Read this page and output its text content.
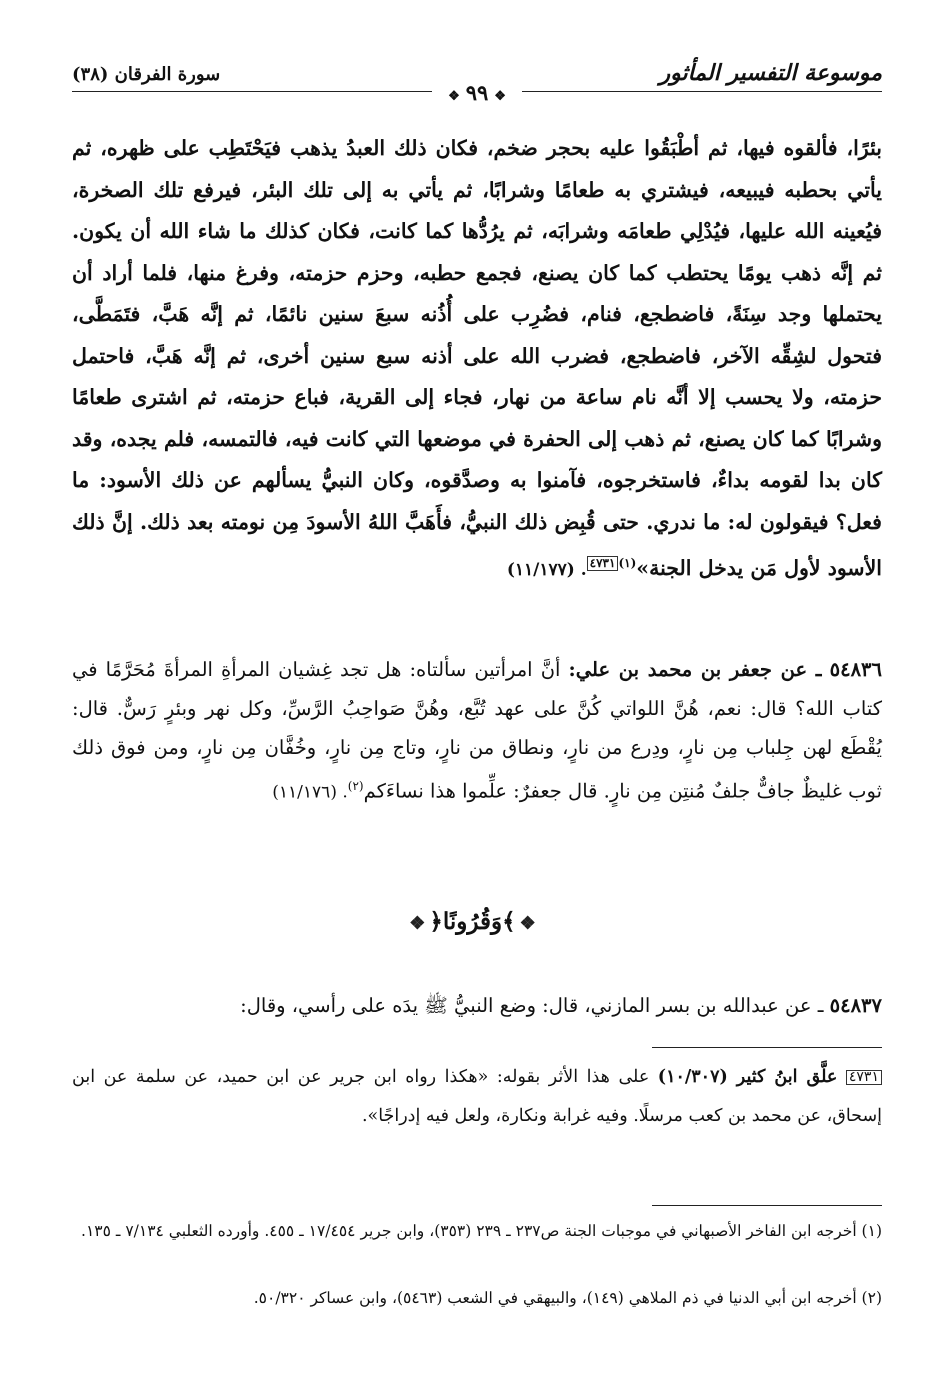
موسوعة التفسير المأثور
سورة الفرقان (٣٨)
❖٩٩❖
بئرًا، فألقوه فيها، ثم أطْبَقُوا عليه بحجر ضخم، فكان ذلك العبدُ يذهب فيَحْتَطِب على ظهره، ثم يأتي بحطبه فيبيعه، فيشتري به طعامًا وشرابًا، ثم يأتي به إلى تلك البئر، فيرفع تلك الصخرة، فيُعينه الله عليها، فيُدْلِي طعامَه وشرابَه، ثم يرُدُّها كما كانت، فكان كذلك ما شاء الله أن يكون. ثم إنَّه ذهب يومًا يحتطب كما كان يصنع، فجمع حطبه، وحزم حزمته، وفرغ منها، فلما أراد أن يحتملها وجد سِنَةً، فاضطجع، فنام، فضُرِب على أُذُنه سبعَ سنين نائمًا، ثم إنَّه هَبَّ، فتَمَطَّى، فتحول لشِقِّه الآخر، فاضطجع، فضرب الله على أذنه سبع سنين أخرى، ثم إنَّه هَبَّ، فاحتمل حزمته، ولا يحسب إلا أنَّه نام ساعة من نهار، فجاء إلى القرية، فباع حزمته، ثم اشترى طعامًا وشرابًا كما كان يصنع، ثم ذهب إلى الحفرة في موضعها التي كانت فيه، فالتمسه، فلم يجده، وقد كان بدا لقومه بداءٌ، فاستخرجوه، فآمنوا به وصدَّقوه، وكان النبيُّ يسألهم عن ذلك الأسود: ما فعل؟ فيقولون له: ما ندري. حتى قُبِض ذلك النبيُّ، فأَهَبَّ اللهُ الأسودَ مِن نومته بعد ذلك. إنَّ ذلك الأسود لأول مَن يدخل الجنة»$^{(١)}$٤٧٣١. (١١/١٧٧)
٥٤٨٣٦ ـ عن جعفر بن محمد بن علي: أنَّ امرأتين سألتاه: هل تجد غِشيان المرأةِ المرأةَ مُحَرَّمًا في كتاب الله؟ قال: نعم، هُنَّ اللواتي كُنَّ على عهد تُبَّع، وهُنَّ صَواحِبُ الرَّسِّ، وكل نهر وبئرٍ رَسٌّ. قال: يُقْطَع لهن جِلباب مِن نارٍ، ودِرع من نارٍ، ونطاق من نارٍ، وتاج مِن نارٍ، وخُفَّان مِن نارٍ، ومن فوق ذلك ثوب غليظٌ جافٌّ جلفٌ مُنتِن مِن نارٍ. قال جعفرٌ: علِّموا هذا نساءَكم$^{(٢)}$. (١١/١٧٦)
❖ ﴿وَقُرُونًا﴾ ❖
٥٤٨٣٧ ـ عن عبدالله بن بسر المازني، قال: وضع النبيُّ ﷺ يدَه على رأسي، وقال:
٤٧٣١ علَّق ابنُ كثير (١٠/٣٠٧) على هذا الأثر بقوله: «هكذا رواه ابن جرير عن ابن حميد، عن سلمة عن ابن إسحاق، عن محمد بن كعب مرسلًا. وفيه غرابة ونكارة، ولعل فيه إدراجًا».
(١) أخرجه ابن الفاخر الأصبهاني في موجبات الجنة ص٢٣٧ ـ ٢٣٩ (٣٥٣)، وابن جرير ١٧/٤٥٤ ـ ٤٥٥. وأورده الثعلبي ٧/١٣٤ ـ ١٣٥.
(٢) أخرجه ابن أبي الدنيا في ذم الملاهي (١٤٩)، والبيهقي في الشعب (٥٤٦٣)، وابن عساكر ٥٠/٣٢٠.
